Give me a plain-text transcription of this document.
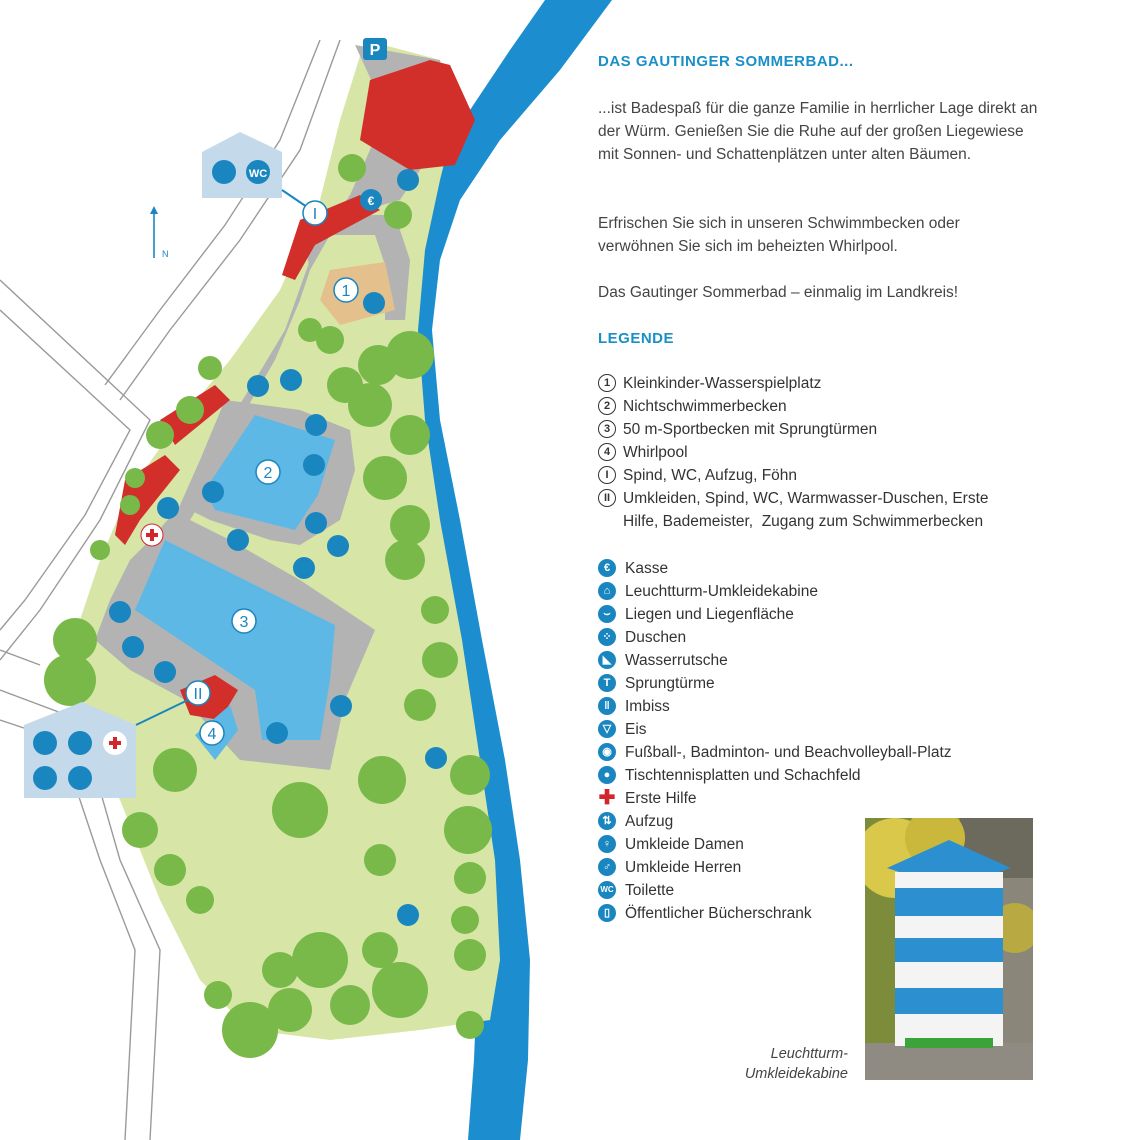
WC
P
N
1
2
3
4
I
II
€
DAS GAUTINGER SOMMERBAD...
...ist Badespaß für die ganze Familie in herrlicher Lage direkt an der Würm. Genießen Sie die Ruhe auf der großen Liegewiese mit Sonnen- und Schattenplätzen unter alten Bäumen.
Erfrischen Sie sich in unseren Schwimmbecken oder verwöhnen Sie sich im beheizten Whirlpool.
Das Gautinger Sommerbad – einmalig im Landkreis!
LEGENDE
1 Kleinkinder-Wasserspielplatz
2 Nichtschwimmerbecken
3 50 m-Sportbecken mit Sprungtürmen
4 Whirlpool
I Spind, WC, Aufzug, Föhn
II Umkleiden, Spind, WC, Warmwasser-Duschen, Erste Hilfe, Bademeister,  Zugang zum Schwimmerbecken
€ Kasse
⌂ Leuchtturm-Umkleidekabine
⌣ Liegen und Liegenfläche
⁘ Duschen
◣ Wasserrutsche
T Sprungtürme
‖ Imbiss
▽ Eis
◉ Fußball-, Badminton- und Beachvolleyball-Platz
● Tischtennisplatten und Schachfeld
✚ Erste Hilfe
⇅ Aufzug
♀ Umkleide Damen
♂ Umkleide Herren
WC Toilette
▯ Öffentlicher Bücherschrank
Leuchtturm-
Umkleidekabine
